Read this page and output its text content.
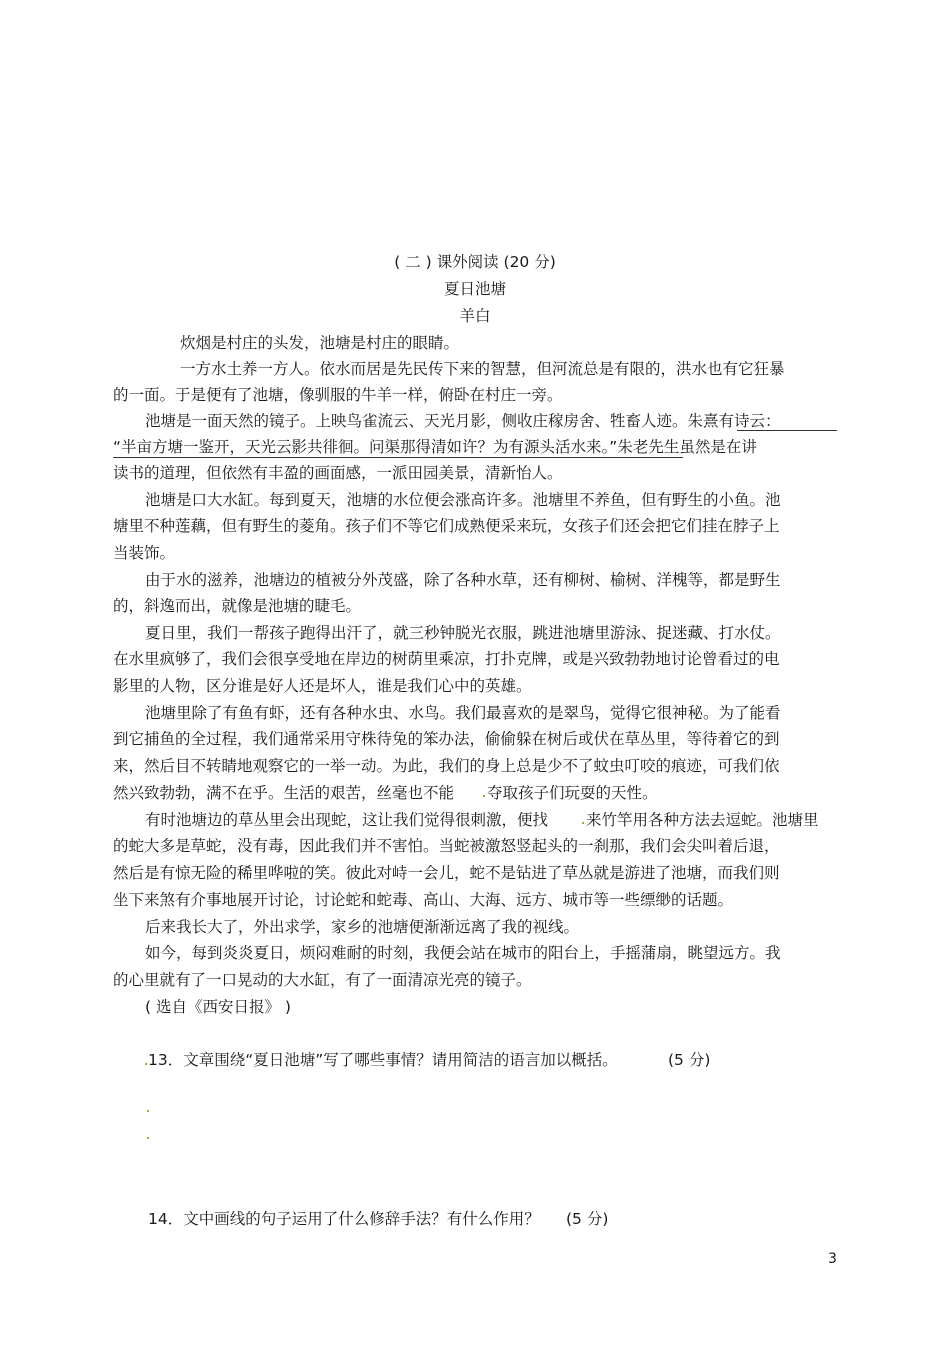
( 二 ) 课外阅读 (20 分)
夏日池塘
羊白
炊烟是村庄的头发，池塘是村庄的眼睛。
一方水土养一方人。依水而居是先民传下来的智慧，但河流总是有限的，洪水也有它狂暴
的一面。于是便有了池塘，像驯服的牛羊一样，俯卧在村庄一旁。
池塘是一面天然的镜子。上映鸟雀流云、天光月影，侧收庄稼房舍、牲畜人迹。朱熹有诗云：
“半亩方塘一鉴开，天光云影共徘徊。问渠那得清如许？为有源头活水来。”朱老先生虽然是在讲
读书的道理，但依然有丰盈的画面感，一派田园美景，清新怡人。
池塘是口大水缸。每到夏天，池塘的水位便会涨高许多。池塘里不养鱼，但有野生的小鱼。池
塘里不种莲藕，但有野生的菱角。孩子们不等它们成熟便采来玩，女孩子们还会把它们挂在脖子上
当装饰。
由于水的滋养，池塘边的植被分外茂盛，除了各种水草，还有柳树、榆树、洋槐等，都是野生
的，斜逸而出，就像是池塘的睫毛。
夏日里，我们一帮孩子跑得出汗了，就三秒钟脱光衣服，跳进池塘里游泳、捉迷藏、打水仗。
在水里疯够了，我们会很享受地在岸边的树荫里乘凉，打扑克牌，或是兴致勃勃地讨论曾看过的电
影里的人物，区分谁是好人还是坏人，谁是我们心中的英雄。
池塘里除了有鱼有虾，还有各种水虫、水鸟。我们最喜欢的是翠鸟，觉得它很神秘。为了能看
到它捕鱼的全过程，我们通常采用守株待兔的笨办法，偷偷躲在树后或伏在草丛里，等待着它的到
来，然后目不转睛地观察它的一举一动。为此，我们的身上总是少不了蚊虫叮咬的痕迹，可我们依
然兴致勃勃，满不在乎。生活的艰苦，丝毫也不能 夺取孩子们玩耍的天性。
有时池塘边的草丛里会出现蛇，这让我们觉得很刺激，便找 来竹竿用各种方法去逗蛇。池塘里
的蛇大多是草蛇，没有毒，因此我们并不害怕。当蛇被激怒竖起头的一刹那，我们会尖叫着后退，
然后是有惊无险的稀里哗啦的笑。彼此对峙一会儿，蛇不是钻进了草丛就是游进了池塘，而我们则
坐下来煞有介事地展开讨论，讨论蛇和蛇毒、高山、大海、远方、城市等一些缥缈的话题。
后来我长大了，外出求学，家乡的池塘便渐渐远离了我的视线。
如今，每到炎炎夏日，烦闷难耐的时刻，我便会站在城市的阳台上，手摇蒲扇，眺望远方。我
的心里就有了一口晃动的大水缸，有了一面清凉光亮的镜子。
( 选自《西安日报》 )
13．文章围绕“夏日池塘”写了哪些事情？请用简洁的语言加以概括。	(5 分)
14．文中画线的句子运用了什么修辞手法？有什么作用？ (5 分)
3
